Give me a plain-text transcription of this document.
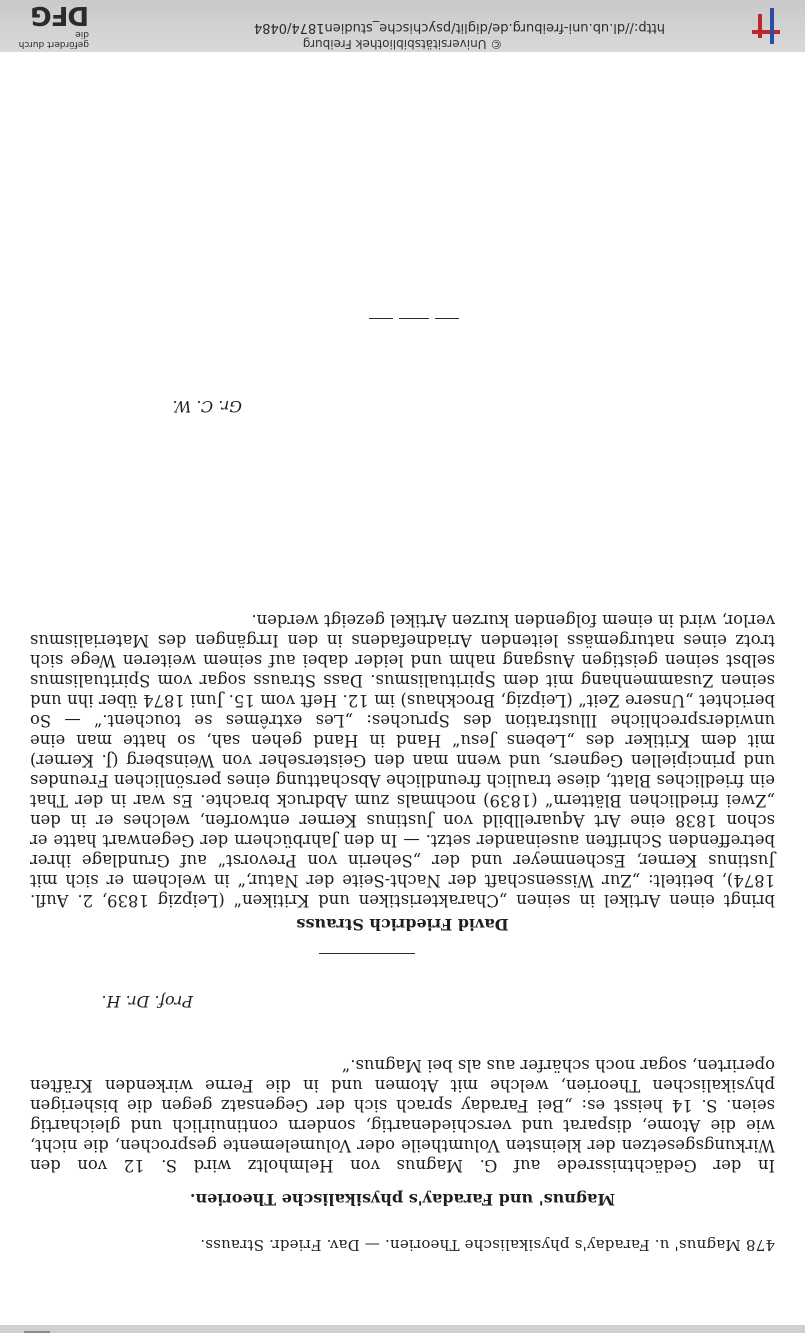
478 Magnus' u. Faraday's physikalische Theorien. — Dav. Friedr. Strauss.
Magnus' und Faraday's physikalische Theorien.

In der Gedächtnissrede auf G. Magnus von Helmholtz wird S. 12 von den Wirkungsgesetzen der kleinsten Volumtheile oder Volumelemente gesprochen, die nicht, wie die Atome, disparat und verschiedenartig, sondern continuirlich und gleichartig seien. S. 14 heisst es: „Bei Faraday sprach sich der Gegensatz gegen die bisherigen physikalischen Theorien, welche mit Atomen und in die Ferne wirkenden Kräften operirten, sogar noch schärfer aus als bei Magnus.“

Prof. Dr. H.
David Friedrich Strauss

bringt einen Artikel in seinen „Charakteristiken und Kritiken“ (Leipzig 1839, 2. Aufl. 1874), betitelt: „Zur Wissenschaft der Nacht-Seite der Natur,“ in welchem er sich mit Justinus Kerner, Eschenmeyer und der „Seherin von Prevorst“ auf Grundlage ihrer betreffenden Schriften auseinander setzt. — In den Jahrbüchern der Gegenwart hatte er schon 1838 eine Art Aquarellbild von Justinus Kerner entworfen, welches er in den „Zwei friedlichen Blättern“ (1839) nochmals zum Abdruck brachte. Es war in der That ein friedliches Blatt, diese traulich freundliche Abschattung eines persönlichen Freundes und principiellen Gegners, und wenn man den Geisterseher von Weinsberg (J. Kerner) mit dem Kritiker des „Lebens Jesu“ Hand in Hand gehen sah, so hatte man eine unwidersprechliche Illustration des Spruches: „Les extrêmes se touchent.“ — So berichtet „Unsere Zeit“ (Leipzig, Brockhaus) im 12. Heft vom 15. Juni 1874 über ihn und seinen Zusammenhang mit dem Spiritualismus. Dass Strauss sogar vom Spiritualismus selbst seinen geistigen Ausgang nahm und leider dabei auf seinem weiteren Wege sich trotz eines naturgemäss leitenden Ariadnefadens in den Irrgängen des Materialismus verlor, wird in einem folgenden kurzen Artikel gezeigt werden.

Gr. C. W.
© Universitätsbibliothek Freiburg
http://dl.ub.uni-freiburg.de/diglit/psychische_studien1874/0484
gefördert durch die
DFG
